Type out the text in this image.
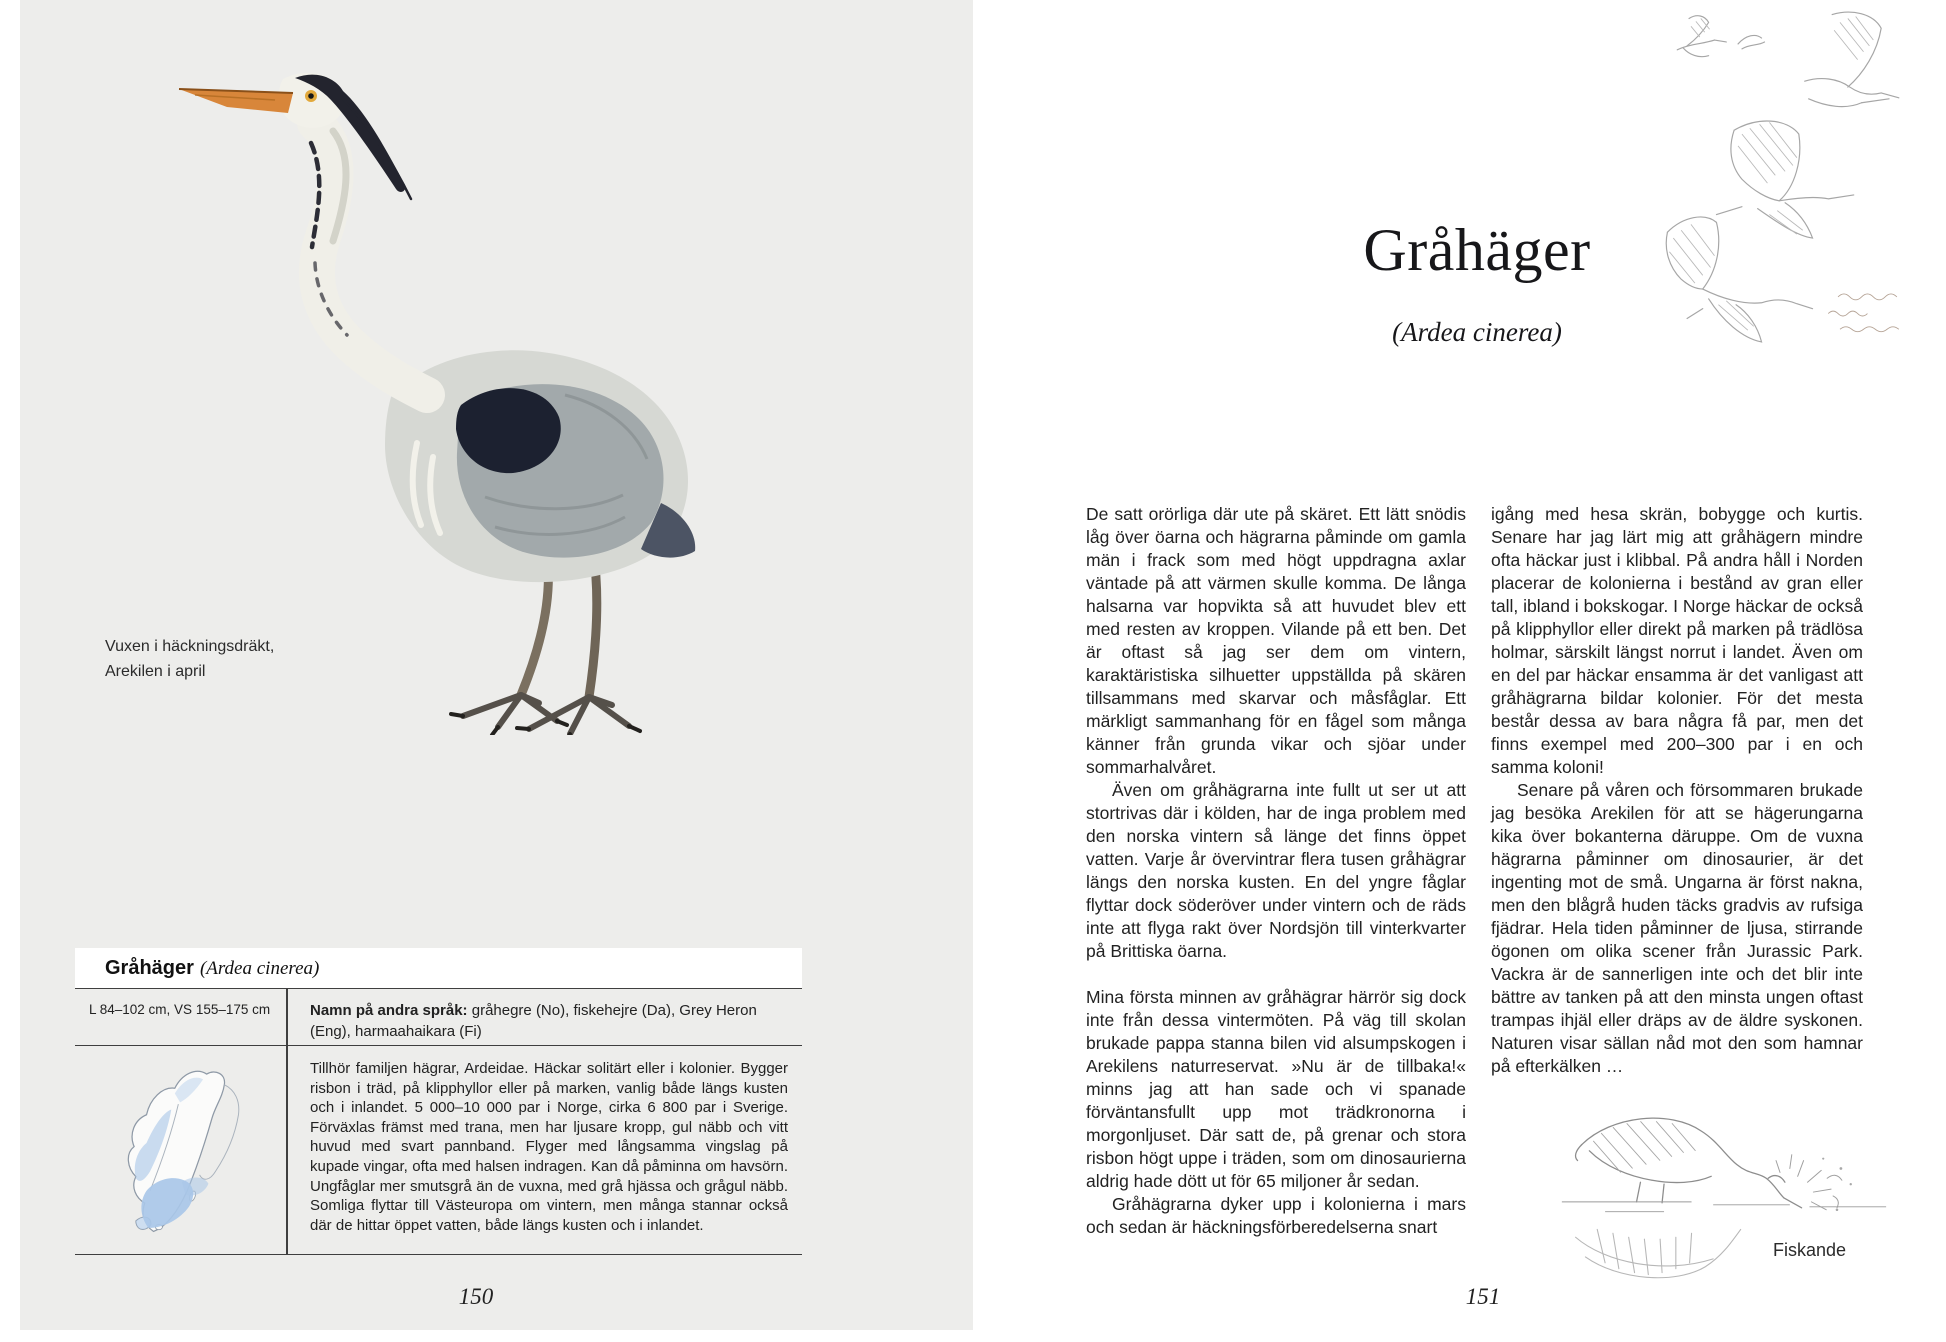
Vuxen i häckningsdräkt,
Arekilen i april
Gråhäger (Ardea cinerea)
L 84–102 cm, VS 155–175 cm	Namn på andra språk: gråhegre (No), fiskehejre (Da), Grey Heron (Eng), harmaahaikara (Fi)
Tillhör familjen hägrar, Ardeidae. Häckar solitärt eller i kolonier. Bygger risbon i träd, på klipphyllor eller på marken, vanlig både längs kusten och i inlandet. 5 000–10 000 par i Norge, cirka 6 800 par i Sverige. Förväxlas främst med trana, men har ljusare kropp, gul näbb och vitt huvud med svart pannband. Flyger med långsamma vingslag på kupade vingar, ofta med halsen indragen. Kan då påminna om havsörn. Ungfåglar mer smutsgrå än de vuxna, med grå hjässa och grågul näbb. Somliga flyttar till Västeuropa om vintern, men många stannar också där de hittar öppet vatten, både längs kusten och i inlandet.
150
Gråhäger
(Ardea cinerea)

De satt orörliga där ute på skäret. Ett lätt snödis låg över öarna och hägrarna påminde om gamla män i frack som med högt uppdragna axlar väntade på att värmen skulle komma. De långa halsarna var hopvikta så att huvudet blev ett med resten av kroppen. Vilande på ett ben. Det är oftast så jag ser dem om vintern, karaktäristiska silhuetter uppställda på skären tillsammans med skarvar och måsfåglar. Ett märkligt sammanhang för en fågel som många känner från grunda vikar och sjöar under sommarhalvåret.

Även om gråhägrarna inte fullt ut ser ut att stortrivas där i kölden, har de inga problem med den norska vintern så länge det finns öppet vatten. Varje år övervintrar flera tusen gråhägrar längs den norska kusten. En del yngre fåglar flyttar dock söderöver under vintern och de räds inte att flyga rakt över Nordsjön till vinterkvarter på Brittiska öarna.

Mina första minnen av gråhägrar härrör sig dock inte från dessa vintermöten. På väg till skolan brukade pappa stanna bilen vid alsumpskogen i Arekilens naturreservat. »Nu är de tillbaka!« minns jag att han sade och vi spanade förväntansfullt upp mot trädkronorna i morgonljuset. Där satt de, på grenar och stora risbon högt uppe i träden, som om dinosaurierna aldrig hade dött ut för 65 miljoner år sedan.

Gråhägrarna dyker upp i kolonierna i mars och sedan är häckningsförberedelserna snart

igång med hesa skrän, bobygge och kurtis. Senare har jag lärt mig att gråhägern mindre ofta häckar just i klibbal. På andra håll i Norden placerar de kolonierna i bestånd av gran eller tall, ibland i bokskogar. I Norge häckar de också på klipphyllor eller direkt på marken på trädlösa holmar, särskilt längst norrut i landet. Även om en del par häckar ensamma är det vanligast att gråhägrarna bildar kolonier. För det mesta består dessa av bara några få par, men det finns exempel med 200–300 par i en och samma koloni!

Senare på våren och försommaren brukade jag besöka Arekilen för att se hägerungarna kika över bokanterna däruppe. Om de vuxna hägrarna påminner om dinosaurier, är det ingenting mot de små. Ungarna är först nakna, men den blågrå huden täcks gradvis av rufsiga fjädrar. Hela tiden påminner de ljusa, stirrande ögonen om olika scener från Jurassic Park. Vackra är de sannerligen inte och det blir inte bättre av tanken på att den minsta ungen oftast trampas ihjäl eller dräps av de äldre syskonen. Naturen visar sällan nåd mot den som hamnar på efterkälken …

Fiskande
151
